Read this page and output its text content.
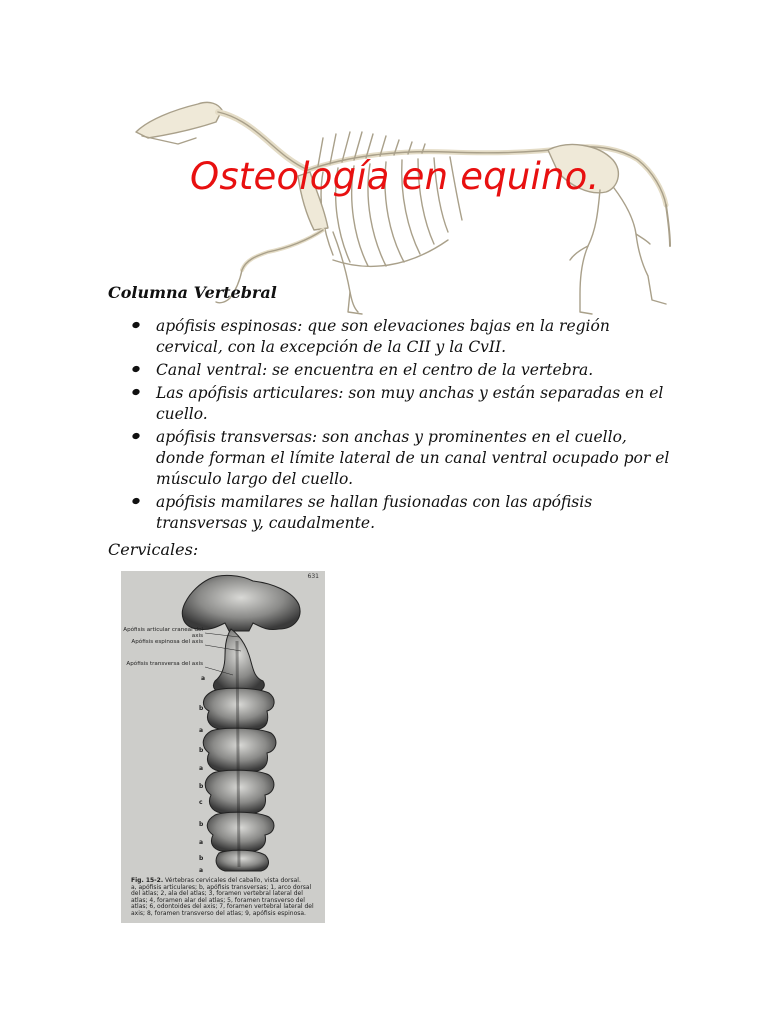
Osteología en equino.
Columna Vertebral
apófisis espinosas: que son elevaciones bajas en la región cervical, con la excepción de la CII y la CvII.
Canal ventral: se encuentra en el centro de la vertebra.
Las apófisis articulares: son muy anchas y están separadas en el cuello.
apófisis transversas: son anchas y prominentes en el cuello, donde forman el límite lateral de un canal ventral ocupado por el músculo largo del cuello.
apófisis mamilares se hallan fusionadas con las apófisis transversas y, caudalmente.
Cervicales:
631
Apófisis articular craneal del axis
Apófisis espinosa del axis
Apófisis transversa del axis
a
b
a
b
a
b
c
b
a
b
a
Fig. 15-2. Vértebras cervicales del caballo, vista dorsal.
a, apófisis articulares; b, apófisis transversas; 1, arco dorsal del atlas; 2, ala del atlas; 3, foramen vertebral lateral del atlas; 4, foramen alar del atlas; 5, foramen transverso del atlas; 6, odontoides del axis; 7, foramen vertebral lateral del axis; 8, foramen transverso del atlas; 9, apófisis espinosa.
